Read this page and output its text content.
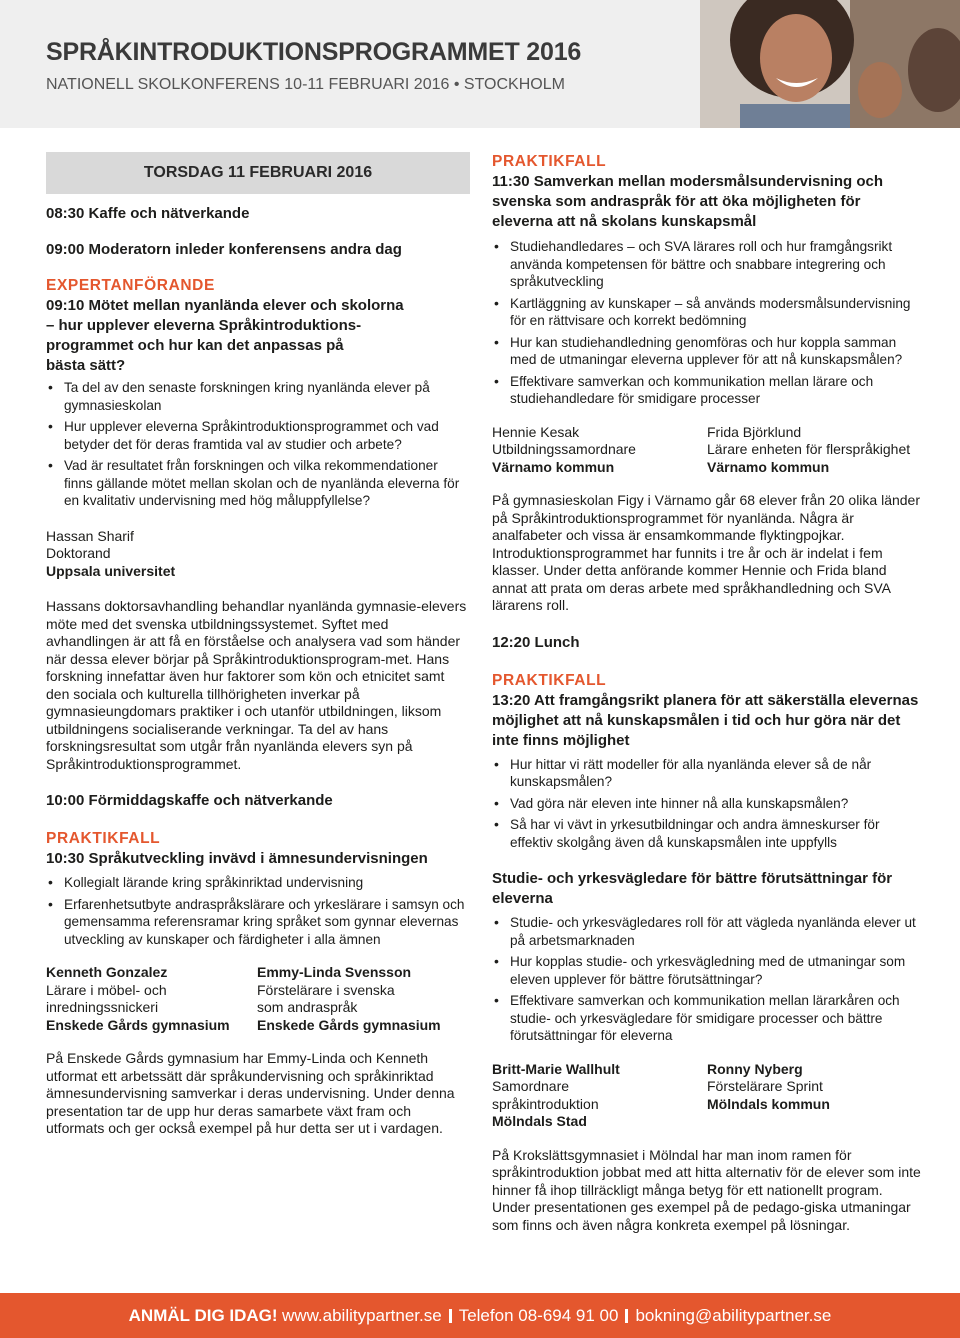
SPRÅKINTRODUKTIONSPROGRAMMET 2016
NATIONELL SKOLKONFERENS 10-11 FEBRUARI 2016 • STOCKHOLM
TORSDAG 11 FEBRUARI 2016
08:30 Kaffe och nätverkande
09:00 Moderatorn inleder konferensens andra dag
EXPERTANFÖRANDE
09:10 Mötet mellan nyanlända elever och skolorna
– hur upplever eleverna Språkintroduktions-
programmet och hur kan det anpassas på
bästa sätt?
• Ta del av den senaste forskningen kring nyanlända elever på gymnasieskolan
• Hur upplever eleverna Språkintroduktionsprogrammet och vad betyder det för deras framtida val av studier och arbete?
• Vad är resultatet från forskningen och vilka rekommendationer finns gällande mötet mellan skolan och de nyanlända eleverna för en kvalitativ undervisning med hög måluppfyllelse?
Hassan Sharif
Doktorand
Uppsala universitet
Hassans doktorsavhandling behandlar nyanlända gymnasie-elevers möte med det svenska utbildningssystemet. Syftet med avhandlingen är att få en förståelse och analysera vad som händer när dessa elever börjar på Språkintroduktionsprogram-met. Hans forskning innefattar även hur faktorer som kön och etnicitet samt den sociala och kulturella tillhörigheten inverkar på gymnasieungdomars praktiker i och utanför utbildningen, liksom utbildningens socialiserande verkningar. Ta del av hans forskningsresultat som utgår från nyanlända elevers syn på Språkintroduktionsprogrammet.
10:00 Förmiddagskaffe och nätverkande
PRAKTIKFALL
10:30 Språkutveckling invävd i ämnesundervisningen
• Kollegialt lärande kring språkinriktad undervisning
• Erfarenhetsutbyte andraspråkslärare och yrkeslärare i samsyn och gemensamma referensramar kring språket som gynnar elevernas utveckling av kunskaper och färdigheter i alla ämnen
Kenneth Gonzalez
Lärare i möbel- och
inredningssnickeri
Enskede Gårds gymnasium
Emmy-Linda Svensson
Förstelärare i svenska
som andraspråk
Enskede Gårds gymnasium
På Enskede Gårds gymnasium har Emmy-Linda och Kenneth utformat ett arbetssätt där språkundervisning och språkinriktad ämnesundervisning samverkar i deras undervisning. Under denna presentation tar de upp hur deras samarbete växt fram och utformats och ger också exempel på hur detta ser ut i vardagen.
PRAKTIKFALL
11:30 Samverkan mellan modersmålsundervisning och svenska som andraspråk för att öka möjligheten för eleverna att nå skolans kunskapsmål
• Studiehandledares – och SVA lärares roll och hur framgångsrikt använda kompetensen för bättre och snabbare integrering och språkutveckling
• Kartläggning av kunskaper – så används modersmålsundervisning för en rättvisare och korrekt bedömning
• Hur kan studiehandledning genomföras och hur koppla samman med de utmaningar eleverna upplever för att nå kunskapsmålen?
• Effektivare samverkan och kommunikation mellan lärare och studiehandledare för smidigare processer
Hennie Kesak
Utbildningssamordnare
Värnamo kommun
Frida Björklund
Lärare enheten för flerspråkighet
Värnamo kommun
På gymnasieskolan Figy i Värnamo går 68 elever från 20 olika länder på Språkintroduktionsprogrammet för nyanlända. Några är analfabeter och vissa är ensamkommande flyktingpojkar. Introduktionsprogrammet har funnits i tre år och är indelat i fem klasser. Under detta anförande kommer Hennie och Frida bland annat att prata om deras arbete med språkhandledning och SVA lärarens roll.
12:20 Lunch
PRAKTIKFALL
13:20 Att framgångsrikt planera för att säkerställa elevernas möjlighet att nå kunskapsmålen i tid och hur göra när det inte finns möjlighet
• Hur hittar vi rätt modeller för alla nyanlända elever så de når kunskapsmålen?
• Vad göra när eleven inte hinner nå alla kunskapsmålen?
• Så har vi vävt in yrkesutbildningar och andra ämneskurser för effektiv skolgång även då kunskapsmålen inte uppfylls
Studie- och yrkesvägledare för bättre förutsättningar för eleverna
• Studie- och yrkesvägledares roll för att vägleda nyanlända elever ut på arbetsmarknaden
• Hur kopplas studie- och yrkesvägledning med de utmaningar som eleven upplever för bättre förutsättningar?
• Effektivare samverkan och kommunikation mellan lärarkåren och studie- och yrkesvägledare för smidigare processer och bättre förutsättningar för eleverna
Britt-Marie Wallhult
Samordnare
språkintroduktion
Mölndals Stad
Ronny Nyberg
Förstelärare Sprint
Mölndals kommun
På Krokslättsgymnasiet i Mölndal har man inom ramen för språkintroduktion jobbat med att hitta alternativ för de elever som inte hinner få ihop tillräckligt många betyg för ett nationellt program. Under presentationen ges exempel på de pedago-giska utmaningar som finns och även några konkreta exempel på lösningar.
ANMÄL DIG IDAG!
www.abilitypartner.se Telefon 08-694 91 00 bokning@abilitypartner.se
